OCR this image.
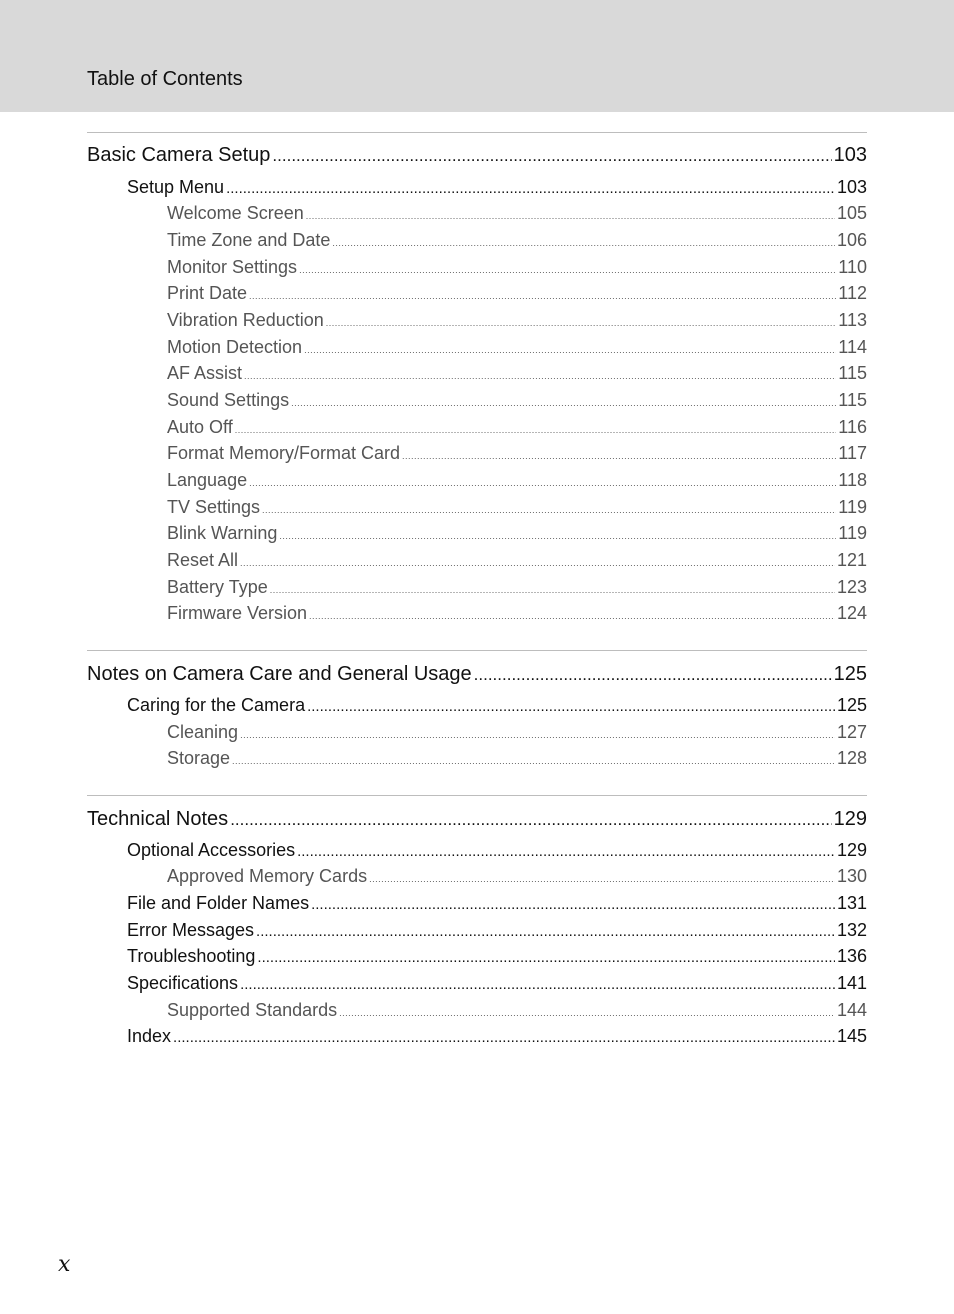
Table of Contents
Basic Camera Setup .....	103
Setup Menu .....	103
Welcome Screen .....	105
Time Zone and Date .....	106
Monitor Settings .....	110
Print Date .....	112
Vibration Reduction .....	113
Motion Detection .....	114
AF Assist .....	115
Sound Settings .....	115
Auto Off .....	116
Format Memory/Format Card .....	117
Language .....	118
TV Settings .....	119
Blink Warning .....	119
Reset All .....	121
Battery Type .....	123
Firmware Version .....	124
Notes on Camera Care and General Usage .....	125
Caring for the Camera .....	125
Cleaning .....	127
Storage .....	128
Technical Notes .....	129
Optional Accessories .....	129
Approved Memory Cards .....	130
File and Folder Names .....	131
Error Messages .....	132
Troubleshooting .....	136
Specifications .....	141
Supported Standards .....	144
Index .....	145
x
